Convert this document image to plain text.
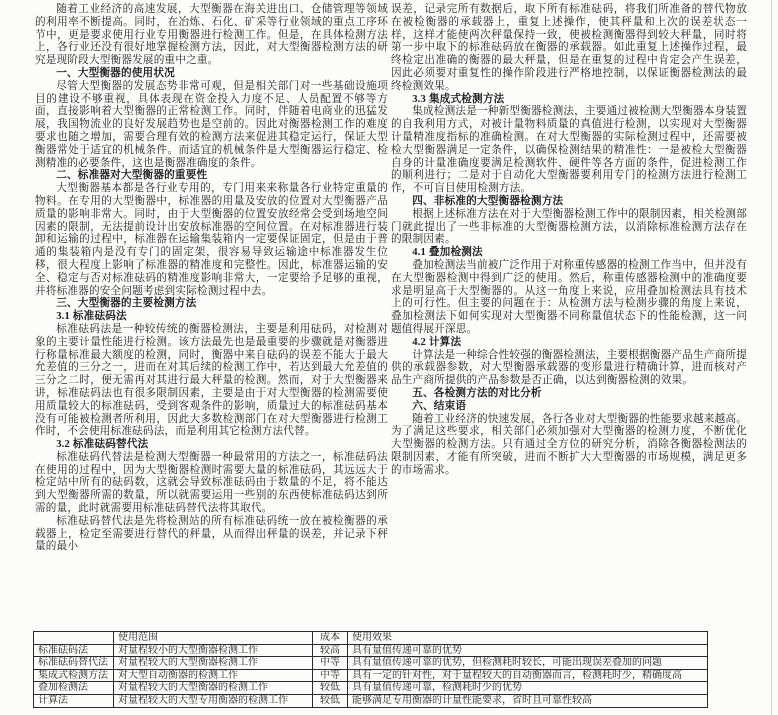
随着工业经济的高速发展，大型衡器在海关进出口、仓储管理等领域的利用率不断提高。同时，在冶炼、石化、矿采等行业领域的重点工序环节中，更是要求使用行业专用衡器进行检测工作。但是，在具体检测方法上，各行业还没有很好地掌握检测方法，因此，对大型衡器检测方法的研究是现阶段大型衡器发展的重中之重。

一、大型衡器的使用状况

尽管大型衡器的发展态势非常可观，但是相关部门对一些基础设施项目的建设不够重视，具体表现在资金投入力度不足、人员配置不够等方面，直接影响着大型衡器的正常检测工作。同时，伴随着电商业的迅猛发展，我国物流业的良好发展趋势也是空前的。因此对衡器检测工作的难度要求也随之增加，需要合理有效的检测方法来促进其稳定运行，保证大型衡器常处于适宜的机械条件。而适宜的机械条件是大型衡器运行稳定、检测精准的必要条件，这也是衡器准确度的条件。

二、标准器对大型衡器的重要性

大型衡器基本都是各行业专用的，专门用来来称量各行业特定重量的物料。在专用的大型衡器中，标准器的用量及安放的位置对大型衡器产品质量的影响非常大。同时，由于大型衡器的位置安放经常会受到场地空间因素的限制，无法提前设计出安放标准器的空间位置。在对标准器进行装卸和运输的过程中，标准器在运输集装箱内一定要保证固定，但是由于普通的集装箱内是没有专门的固定架，很容易导致运输途中标准器发生位移，很大程度上影响了标准器的精准度和完整性。因此，标准器运输的安全、稳定与否对标准砝码的精准度影响非常大，一定要给予足够的重视，并将标准器的安全问题考虑到实际检测过程中去。

三、大型衡器的主要检测方法

3.1 标准砝码法

标准砝码法是一种较传统的衡器检测法，主要是利用砝码，对检测对象的主要计量性能进行检测。该方法最先也是最重要的步骤就是对衡器进行称量标准最大额度的检测，同时，衡器中来自砝码的误差不能大于最大允差值的三分之一，进而在对其后续的检测工作中，若达到最大允差值的三分之二时，便无需再对其进行最大秤量的检测。然而，对于大型衡器来讲，标准砝码法也有很多限制因素，主要是由于对大型衡器的检测需要使用质量较大的标准砝码，受到客观条件的影响，质量过大的标准砝码基本没有可能被检测者所利用，因此大多数检测部门在对大型衡器进行检测工作时，不会使用标准砝码法，而是利用其它检测方法代替。

3.2 标准砝码替代法

标准砝码代替法是检测大型衡器一种最常用的方法之一，标准砝码法在使用的过程中，因为大型衡器检测时需要大量的标准砝码，其远远大于检定站中所有的砝码数，这就会导致标准砝码由于数量的不足，将不能达到大型衡器所需的数量，所以就需要运用一些别的东西使标准砝码达到所需的量，此时就需要用标准砝码替代法将其取代。

标准砝码替代法是先将检测站的所有标准砝码统一放在被检衡器的承载器上，检定至需要进行替代的秤量，从而得出秤量的误差，并记录下秤量的最小

误差，记录完所有数据后，取下所有标准砝码，将我们所准备的替代物放在被检衡器的承载器上，重复上述操作，使其秤量和上次的误差状态一样，这样才能使两次秤量保持一致，使被检测衡器得到较大秤量，同时将第一步中取下的标准砝码放在衡器的承载器。如此重复上述操作过程，最终检定出准确的衡器的最大秤量，但是在重复的过程中肯定会产生误差，因此必须要对重复性的操作阶段进行严格地控制，以保证衡器检测法的最终检测效果。

3.3 集成式检测方法

集成检测法是一种新型衡器检测法，主要通过被检测大型衡器本身装置的自我利用方式，对被计量物料质量的真值进行检测，以实现对大型衡器计量精准度指标的准确检测。在对大型衡器的实际检测过程中，还需要被检大型衡器满足一定条件，以确保检测结果的精准性：一是被检大型衡器自身的计量准确度要满足检测软件、硬件等各方面的条件，促进检测工作的顺利进行；二是对于自动化大型衡器要利用专门的检测方法进行检测工作，不可盲目使用检测方法。

四、非标准的大型衡器检测方法

根据上述标准方法在对于大型衡器检测工作中的限制因素，相关检测部门就此提出了一些非标准的大型衡器检测方法，以消除标准检测方法存在的限制因素。

4.1 叠加检测法

叠加检测法当前被广泛作用于对称重传感器的检测工作当中，但并没有在大型衡器检测中得到广泛的使用。然后，称重传感器检测中的准确度要求是明显高于大型衡器的。从这一角度上来说，应用叠加检测法具有技术上的可行性。但主要的问题在于：从检测方法与检测步骤的角度上来说，叠加检测法下如何实现对大型衡器不同称量值状态下的性能检测，这一问题值得展开深思。

4.2 计算法

计算法是一种综合性较强的衡器检测法，主要根据衡器产品生产商所提供的承载器参数，对大型衡器承载器的变形量进行精确计算，进而核对产品生产商所提供的产品参数是否正确，以达到衡器检测的效果。

五、各检测方法的对比分析

六、结束语

随着工业经济的快速发展，各行各业对大型衡器的性能要求越来越高。为了满足这些要求，相关部门必须加强对大型衡器的检测力度，不断优化大型衡器的检测方法。只有通过全方位的研究分析，消除各衡器检测法的限制因素，才能有所突破，进而不断扩大大型衡器的市场规模，满足更多的市场需求。

	使用范围	成本	使用效果
标准砝码法	对量程较小的大型衡器检测工作	较高	具有量值传递可靠的优势
标准砝码替代法	对量程较大的大型衡器检测工作	中等	具有量值传递可靠的优势，但检测耗时较长，可能出现误差叠加的问题
集成式检测方法	对大型自动衡器的检测工作	中等	具有一定的针对性，对于量程较大的自动衡器而言，检测耗时少，精确度高
叠加检测法	对量程较大的大型衡器的检测工作	较低	具有量值传递可靠，检测耗时少的优势
计算法	对量程较大的大型专用衡器的检测工作	较低	能够满足专用衡器的计量性能要求，省时且可靠性较高
